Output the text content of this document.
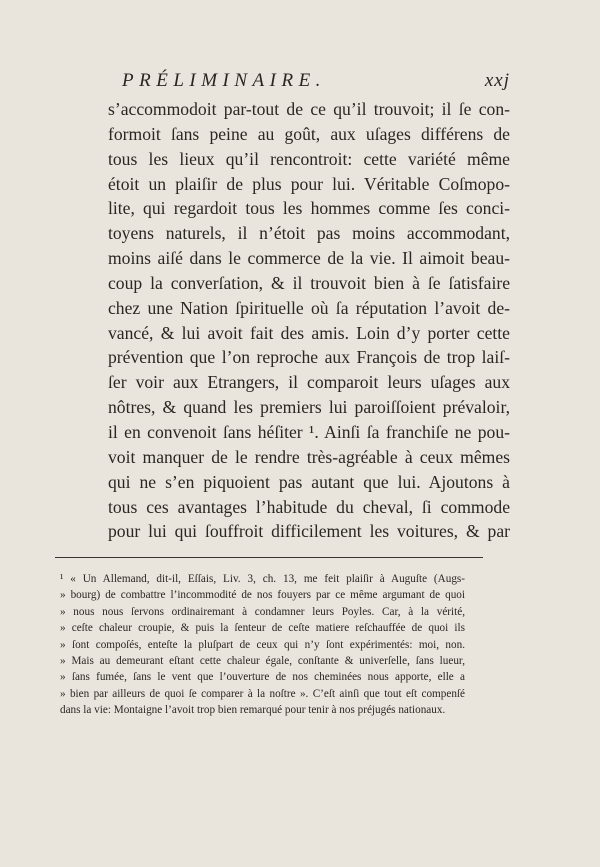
PRÉLIMINAIRE.	xxj
s’accommodoit par-tout de ce qu’il trouvoit; il ſe con-
formoit ſans peine au goût, aux uſages différens de
tous les lieux qu’il rencontroit: cette variété même
étoit un plaiſir de plus pour lui. Véritable Coſmopo-
lite, qui regardoit tous les hommes comme ſes conci-
toyens naturels, il n’étoit pas moins accommodant,
moins aiſé dans le commerce de la vie. Il aimoit beau-
coup la converſation, & il trouvoit bien à ſe ſatisfaire
chez une Nation ſpirituelle où ſa réputation l’avoit de-
vancé, & lui avoit fait des amis. Loin d’y porter cette
prévention que l’on reproche aux François de trop laiſ-
ſer voir aux Etrangers, il comparoit leurs uſages aux
nôtres, & quand les premiers lui paroiſſoient prévaloir,
il en convenoit ſans héſiter ¹. Ainſi ſa franchiſe ne pou-
voit manquer de le rendre très-agréable à ceux mêmes
qui ne s’en piquoient pas autant que lui. Ajoutons à
tous ces avantages l’habitude du cheval, ſi commode
pour lui qui ſouffroit difficilement les voitures, & par
¹ « Un Allemand, dit-il, Eſſais, Liv. 3, ch. 13, me feit plaiſir à Auguſte (Augs-
» bourg) de combattre l’incommodité de nos fouyers par ce même argumant de quoi
» nous nous ſervons ordinairemant à condamner leurs Poyles. Car, à la vérité,
» ceſte chaleur croupie, & puis la ſenteur de ceſte matiere reſchauffée de quoi ils
» ſont compoſés, enteſte la pluſpart de ceux qui n’y ſont expérimentés: moi, non.
» Mais au demeurant eſtant cette chaleur égale, conſtante & univerſelle, ſans lueur,
» ſans fumée, ſans le vent que l’ouverture de nos cheminées nous apporte, elle a
» bien par ailleurs de quoi ſe comparer à la noſtre ». C’eſt ainſi que tout eſt compenſé
dans la vie: Montaigne l’avoit trop bien remarqué pour tenir à nos préjugés nationaux.
